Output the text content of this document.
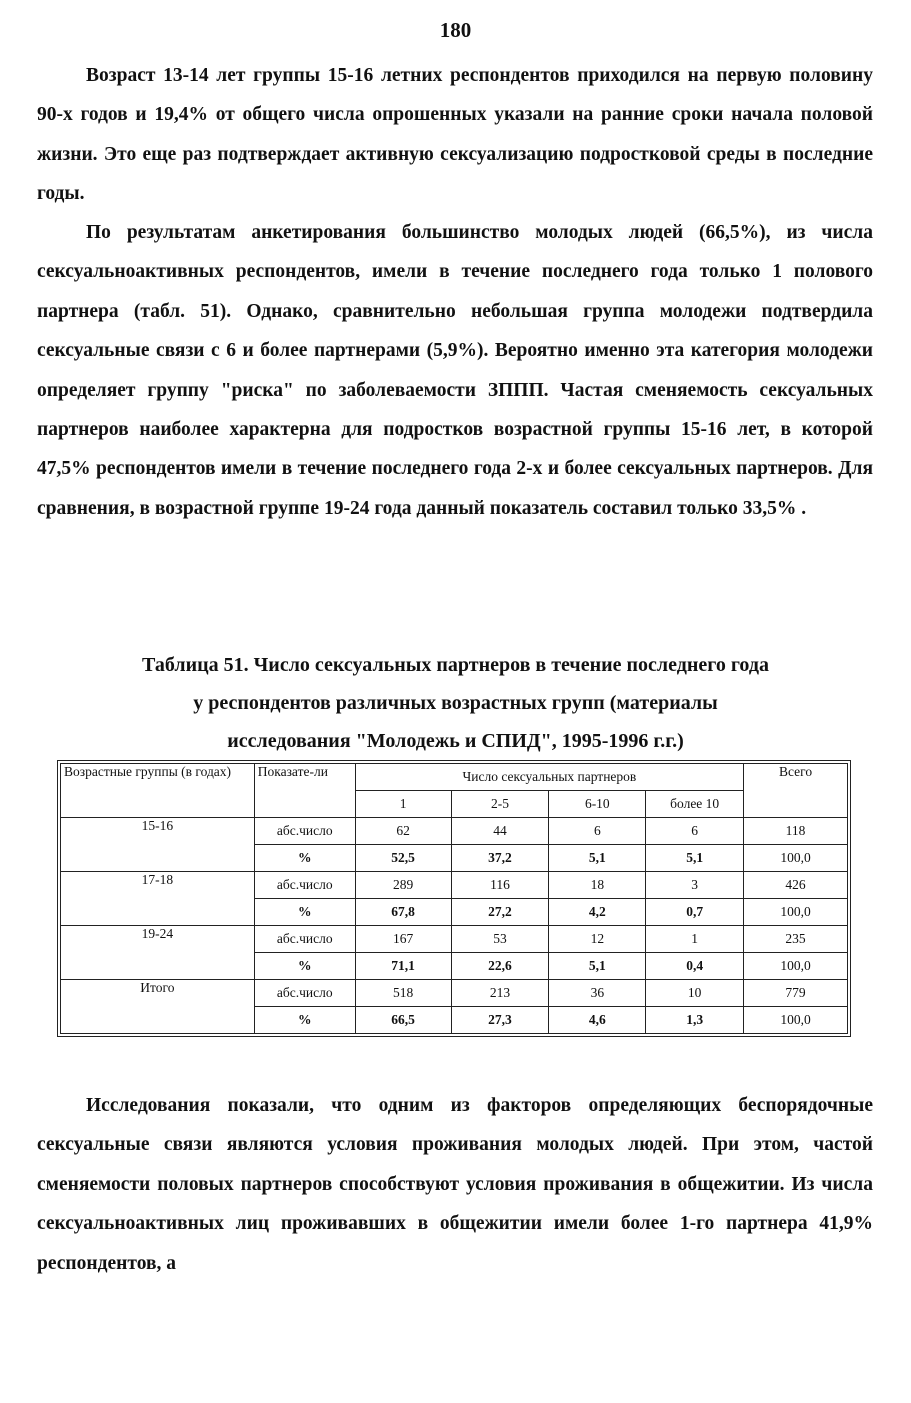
180

Возраст 13-14 лет группы 15-16 летних респондентов приходился на первую половину 90-х годов и 19,4% от общего числа опрошенных указали на ранние сроки начала половой жизни. Это еще раз подтверждает активную сексуализацию подростковой среды в последние годы.

По результатам анкетирования большинство молодых людей (66,5%), из числа сексуальноактивных респондентов, имели в течение последнего года только 1 полового партнера (табл. 51). Однако, сравнительно небольшая группа молодежи подтвердила сексуальные связи с 6 и более партнерами (5,9%). Вероятно именно эта категория молодежи определяет группу "риска" по заболеваемости ЗППП. Частая сменяемость сексуальных партнеров наиболее характерна для подростков возрастной группы 15-16 лет, в которой 47,5% респондентов имели в течение последнего года 2-х и более сексуальных партнеров. Для сравнения, в возрастной группе 19-24 года данный показатель составил только 33,5% .

Таблица 51. Число сексуальных партнеров в течение последнего года
у респондентов различных возрастных групп (материалы
исследования "Молодежь и СПИД", 1995-1996 г.г.)
Возрастные группы (в годах)	Показате-ли	Число сексуальных партнеров				Всего
		1	2-5	6-10	более 10	
15-16	абс.число	62	44	6	6	118
	%	52,5	37,2	5,1	5,1	100,0
17-18	абс.число	289	116	18	3	426
	%	67,8	27,2	4,2	0,7	100,0
19-24	абс.число	167	53	12	1	235
	%	71,1	22,6	5,1	0,4	100,0
Итого	абс.число	518	213	36	10	779
	%	66,5	27,3	4,6	1,3	100,0

Исследования показали, что одним из факторов определяющих беспорядочные сексуальные связи являются условия проживания молодых людей. При этом, частой сменяемости половых партнеров способствуют условия проживания в общежитии. Из числа сексуальноактивных лиц проживавших в общежитии имели более 1-го партнера 41,9% респондентов, а
